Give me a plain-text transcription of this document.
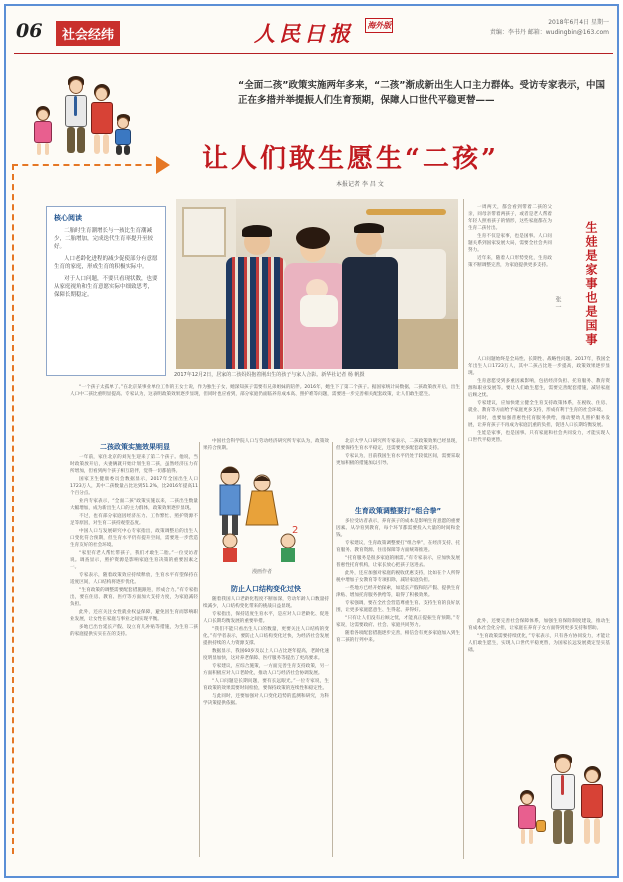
06	社会经纬	人民日报 海外版	2018年6月4日 星期一
责编：李书丹 邮箱：wudingbin@163.com
“全面二孩”政策实施两年多来，“二孩”渐成新出生人口主力群体。受访专家表示，中国正在多措并举提振人们生育预期，保障人口世代平稳更替——
让人们敢生愿生“二孩”
本报记者 李 昌 文
核心阅读

二胎时生育潮增长与一孩比生育潮减少，二胎增加，完成迭代生育率提升至较好。

人口老龄化进程的减少促使部分有意愿生育的家庭，形成生育的积极实际中。

对于人口问题，不要只看现状数，也要从家庭视角和生育意愿实际中细致思考，保障长期稳定。

2017年12月2日，居家的二孩妈妈抱着刚出生的孩子与家人合影。新华社记者 杨 帆摄

一周两天，都会看到带着二孩的父亲，同母亲带着两孩子，或者是老人帮着年轻人照看孩子的情形，这些家庭都在为生育二孩付出。

生育不仅是家事，也是国事。人口问题关系到国家发展大局，需要全社会共同努力。

近年来，随着人口形势变化，生育政策不断调整完善，为家庭提供更多支持。	生娃是家事也是国事
张 一

人口问题始终是全局性、长期性、战略性问题。2017年，我国全年出生人口1723万人，其中二孩占比进一步提高，政策效果逐步显现。

生育意愿受到多重因素影响，包括经济负担、托育服务、教育资源和职业发展等。要让人们敢生愿生，需要完善配套措施，减轻家庭后顾之忧。

专家建议，应加快建立健全生育支持政策体系，在税收、住房、就业、教育等方面给予家庭更多支持，形成有利于生育的社会环境。

同时，也要加强普惠性托育服务供给，推动婴幼儿照护服务发展，让养育孩子不再成为家庭沉重的负担，促进人口长期均衡发展。

生娃是家事，也是国事。只有家庭和社会共同发力，才能实现人口世代平稳更替。

“一个孩子太孤单了。”在北京某事业单位工作的王女士说，作为独生子女，她深知孩子需要有兄弟姐妹的陪伴。2016年，她生下了第二个孩子。据国家统计局数据，二孩政策放开后，出生人口中二孩比重明显提高。专家认为，这表明政策效果逐步显现，但同时也应看到，部分家庭仍面临养育成本高、照护难等问题，需要进一步完善相关配套政策，让人们敢生愿生。

二孩政策实施效果明显

一年前，家住北京的刘先生迎来了第二个孩子。他说，当时政策放开后，夫妻俩就开始计划生育二孩，虽然经济压力有所增加，但看到两个孩子相互陪伴，觉得一切都值得。

国家卫生健康委员会数据显示，2017年全国出生人口1723万人，其中二孩数量占比达到51.2%，比2016年提高11个百分点。

业内专家表示，“全面二孩”政策实施以来，二孩出生数量大幅增加，成为新出生人口的主力群体，政策效果逐步显现。

不过，也有部分家庭因经济压力、工作繁忙、照护资源不足等原因，对生育二孩持观望态度。

中国人口与发展研究中心专家指出，政策调整后的出生人口变化符合预期，但生育水平仍有提升空间，需要进一步营造生育友好的社会环境。

“家里有老人帮忙带孩子，我们才敢生二胎。”一位受访者说。调查显示，照护资源是影响家庭生育决策的重要因素之一。

专家表示，随着政策效应持续释放，生育水平有望保持在适度区间，人口结构将逐步优化。

“生育政策的调整需要配套措施跟进，形成合力。”有专家指出，要在住房、教育、医疗等方面加大支持力度，为家庭减轻负担。

此外，还应关注女性就业权益保障，避免因生育而影响职业发展，让女性在家庭与事业之间实现平衡。

多地已出台延长产假、设立育儿补贴等措施，为生育二孩的家庭提供实实在在的支持。

2
漫画作者

中国社会科学院人口与劳动经济研究所专家认为，政策效果符合预期。

防止人口结构变化过快

随着我国人口老龄化程度不断加深，劳动年龄人口数量持续减少，人口结构变化带来的挑战日益显现。

专家指出，保持适度生育水平，是应对人口老龄化、促进人口长期均衡发展的重要举措。

“我们不能只看出生人口的数量，更要关注人口结构的变化。”有学者表示，要防止人口结构变化过快，为经济社会发展提供持续的人力资源支撑。

数据显示，我国60岁及以上人口占比逐年提高，老龄化速度明显加快，这对养老保障、医疗服务等提出了更高要求。

专家建议，应综合施策，一方面完善生育支持政策，另一方面积极应对人口老龄化，推动人口与经济社会协调发展。

“人口问题是长期问题，要有长远眼光。”一位专家说，生育政策的效果需要时间检验，要保持政策的连续性和稳定性。

与此同时，还要加强对人口变化趋势的监测和研究，为科学决策提供依据。

北京大学人口研究所专家表示，二孩政策效果已经显现，但要保持生育水平稳定，还需要更多配套政策支持。

专家认为，目前我国生育水平仍处于较低区间，需要采取更加积极的措施加以引导。

生育政策调整要打“组合拳”

多位受访者表示，养育孩子的成本是影响生育意愿的重要因素。从孕育到教育，每个环节都需要投入大量的时间和金钱。

专家建议，生育政策调整要打“组合拳”，在经济支持、托育服务、教育资源、住房保障等方面统筹推进。

“托育服务是很多家庭的刚需。”有专家表示，应加快发展普惠性托育机构，让家长放心把孩子送进去。

此外，还应加强对家庭的税收优惠支持，比如在个人所得税中增加子女教育等专项扣除，减轻家庭负担。

一些地方已经开始探索，如延长产假和陪产假、提供生育津贴、增加托育服务供给等，取得了积极效果。

专家强调，要在全社会营造尊重生育、支持生育的良好氛围，让更多家庭愿意生、生得起、养得好。

“只有让人们没有后顾之忧，才能真正提振生育预期。”专家说，这需要政府、社会、家庭共同努力。

随着各项配套措施逐步完善，相信会有更多家庭加入到生育二孩的行列中来。

此外，还要完善社会保障体系，加强生育保险制度建设，推动生育成本社会化分担，让家庭在养育子女方面得到更多支持和帮助。

“生育政策需要持续优化，”专家表示，只有各方协同发力，才能让人们敢生愿生，实现人口世代平稳更替，为国家长远发展奠定坚实基础。
